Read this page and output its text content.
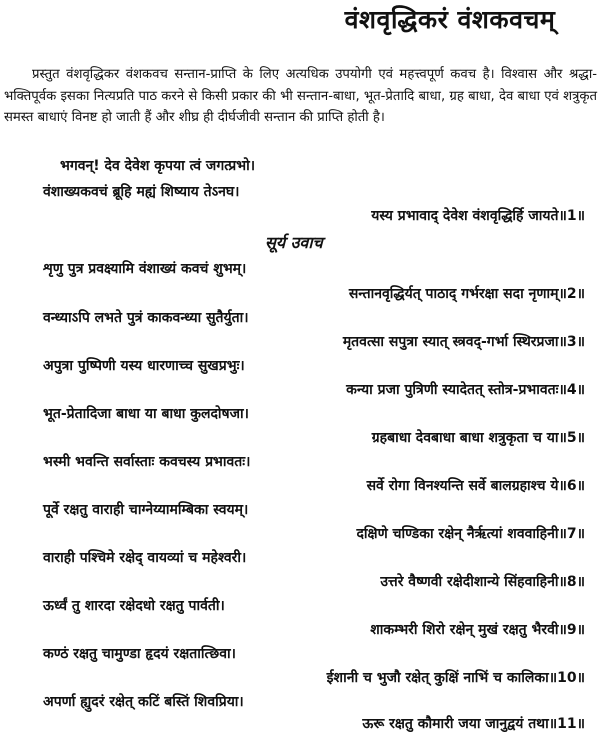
वंशवृद्धिकरं वंशकवचम्
प्रस्तुत वंशवृद्धिकर वंशकवच सन्तान-प्राप्ति के लिए अत्यधिक उपयोगी एवं महत्त्वपूर्ण कवच है। विश्वास और श्रद्धा-भक्तिपूर्वक इसका नित्यप्रति पाठ करने से किसी प्रकार की भी सन्तान-बाधा, भूत-प्रेतादि बाधा, ग्रह बाधा, देव बाधा एवं शत्रुकृत समस्त बाधाएं विनष्ट हो जाती हैं और शीघ्र ही दीर्घजीवी सन्तान की प्राप्ति होती है।
भगवन्! देव देवेश कृपया त्वं जगत्प्रभो।
वंशाख्यकवचं ब्रूहि मह्यं शिष्याय तेऽनघ।
यस्य प्रभावाद् देवेश वंशवृद्धिर्हि जायते॥1॥
सूर्य उवाच
शृणु पुत्र प्रवक्ष्यामि वंशाख्यं कवचं शुभम्।
सन्तानवृद्धिर्यत् पाठाद् गर्भरक्षा सदा नृणाम्॥2॥
वन्ध्याऽपि लभते पुत्रं काकवन्ध्या सुतैर्युता।
मृतवत्सा सपुत्रा स्यात् स्त्रवद्-गर्भा स्थिरप्रजा॥3॥
अपुत्रा पुष्पिणी यस्य धारणाच्च सुखप्रभुः।
कन्या प्रजा पुत्रिणी स्यादेतत् स्तोत्र-प्रभावतः॥4॥
भूत-प्रेतादिजा बाधा या बाधा कुलदोषजा।
ग्रहबाधा देवबाधा बाधा शत्रुकृता च या॥5॥
भस्मी भवन्ति सर्वास्ताः कवचस्य प्रभावतः।
सर्वे रोगा विनश्यन्ति सर्वे बालग्रहाश्च ये॥6॥
पूर्वे रक्षतु वाराही चाग्नेय्यामम्बिका स्वयम्।
दक्षिणे चण्डिका रक्षेन् नैर्ऋत्यां शववाहिनी॥7॥
वाराही पश्चिमे रक्षेद् वायव्यां च महेश्वरी।
उत्तरे वैष्णवी रक्षेदीशान्ये सिंहवाहिनी॥8॥
ऊर्ध्वं तु शारदा रक्षेदधो रक्षतु पार्वती।
शाकम्भरी शिरो रक्षेन् मुखं रक्षतु भैरवी॥9॥
कण्ठं रक्षतु चामुण्डा हृदयं रक्षतात्छिवा।
ईशानी च भुजौ रक्षेत् कुक्षिं नाभिं च कालिका॥10॥
अपर्णा ह्युदरं रक्षेत् कटिं बस्तिं शिवप्रिया।
ऊरू रक्षतु कौमारी जया जानुद्वयं तथा॥11॥
